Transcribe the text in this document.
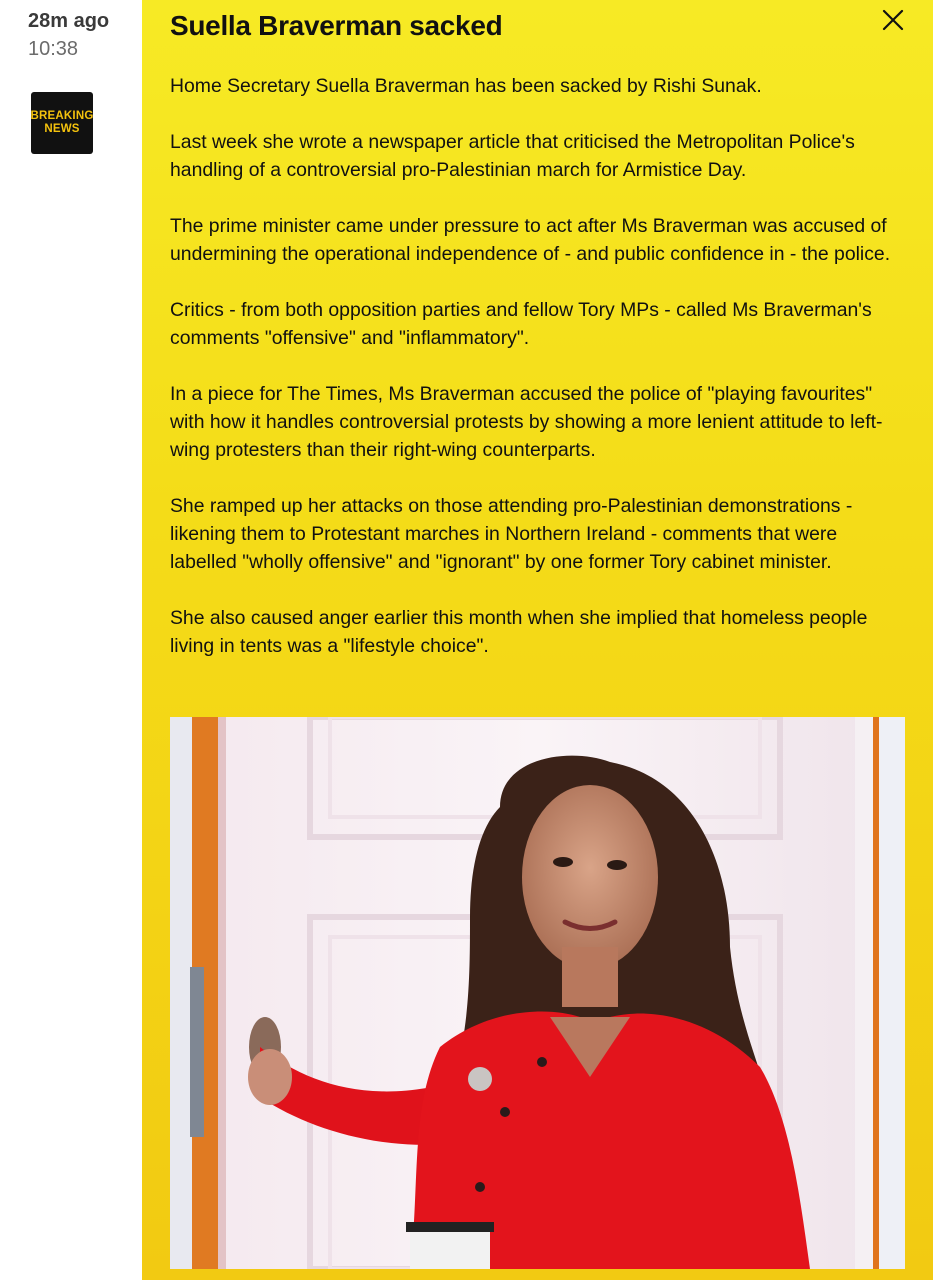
28m ago
10:38
BREAKING
NEWS
Suella Braverman sacked

Home Secretary Suella Braverman has been sacked by Rishi Sunak.

Last week she wrote a newspaper article that criticised the Metropolitan Police's handling of a controversial pro-Palestinian march for Armistice Day.

The prime minister came under pressure to act after Ms Braverman was accused of undermining the operational independence of - and public confidence in - the police.

Critics - from both opposition parties and fellow Tory MPs - called Ms Braverman's comments "offensive" and "inflammatory".

In a piece for The Times, Ms Braverman accused the police of "playing favourites" with how it handles controversial protests by showing a more lenient attitude to left-wing protesters than their right-wing counterparts.

She ramped up her attacks on those attending pro-Palestinian demonstrations - likening them to Protestant marches in Northern Ireland - comments that were labelled "wholly offensive" and "ignorant" by one former Tory cabinet minister.

She also caused anger earlier this month when she implied that homeless people living in tents was a "lifestyle choice".
